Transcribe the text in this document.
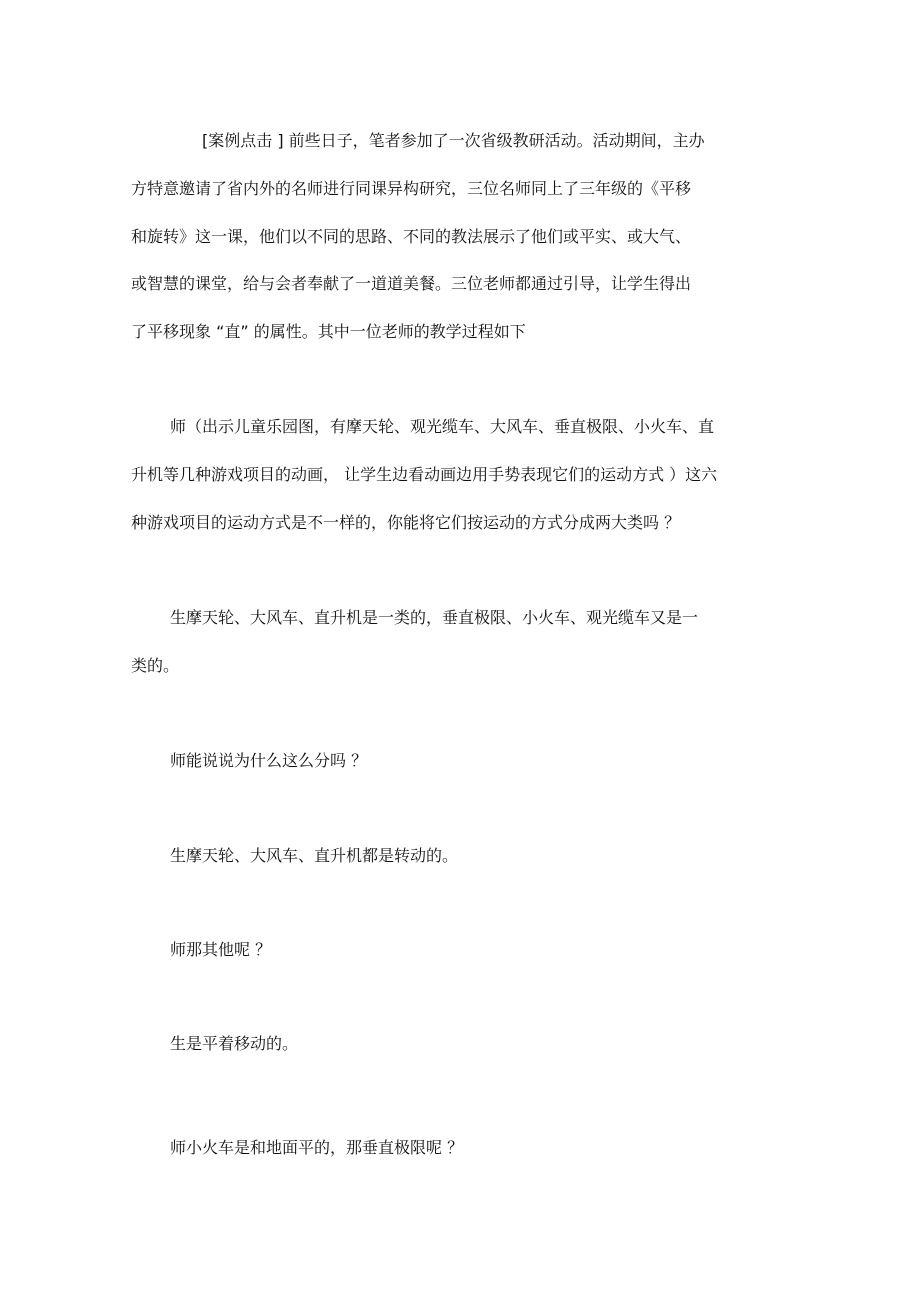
[案例点击 ] 前些日子，笔者参加了一次省级教研活动。活动期间，主办
方特意邀请了省内外的名师进行同课异构研究，三位名师同上了三年级的《平移
和旋转》这一课，他们以不同的思路、不同的教法展示了他们或平实、或大气、
或智慧的课堂，给与会者奉献了一道道美餐。三位老师都通过引导，让学生得出
了平移现象 “直” 的属性。其中一位老师的教学过程如下
师（出示儿童乐园图，有摩天轮、观光缆车、大风车、垂直极限、小火车、直
升机等几种游戏项目的动画， 让学生边看动画边用手势表现它们的运动方式 ）这六
种游戏项目的运动方式是不一样的，你能将它们按运动的方式分成两大类吗 ？
生摩天轮、大风车、直升机是一类的，垂直极限、小火车、观光缆车又是一
类的。
师能说说为什么这么分吗 ？
生摩天轮、大风车、直升机都是转动的。
师那其他呢 ？
生是平着移动的。
师小火车是和地面平的，那垂直极限呢 ？
